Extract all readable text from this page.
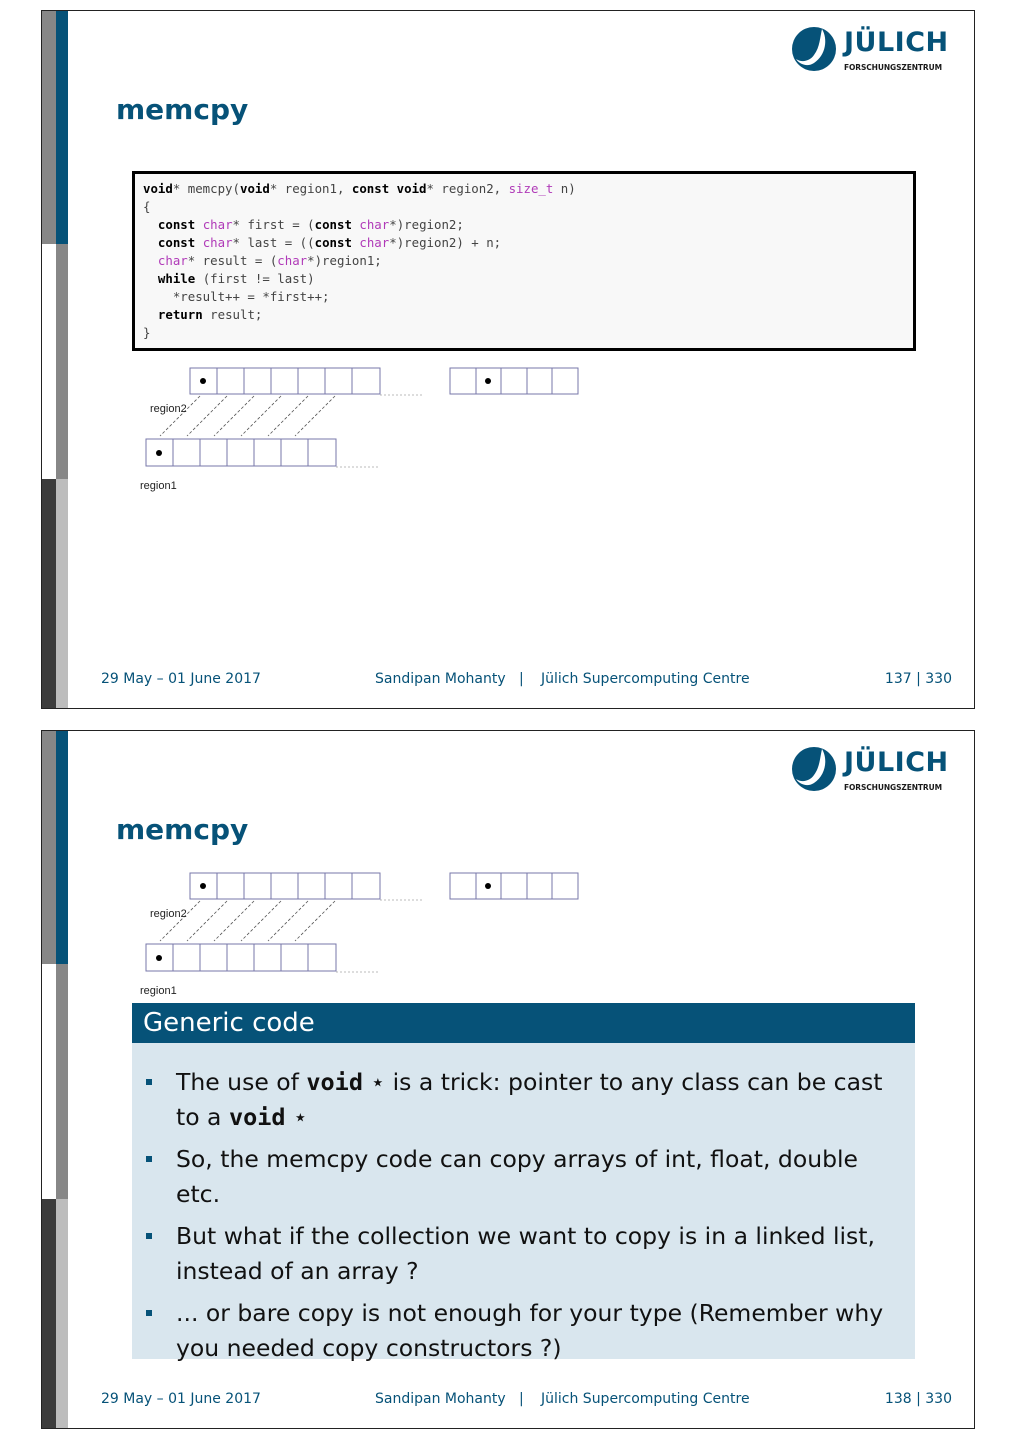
JÜLICH
FORSCHUNGSZENTRUM
memcpy
void* memcpy(void* region1, const void* region2, size_t n)
{
const char* first = (const char*)region2;
const char* last = ((const char*)region2) + n;
char* result = (char*)region1;
while (first != last)
*result++ = *first++;
return result;
}
region2
region1
29 May – 01 June 2017	Sandipan Mohanty | Jülich Supercomputing Centre	137 | 330
JÜLICH
FORSCHUNGSZENTRUM
memcpy
region2
region1
Generic code
The use of void ⋆ is a trick: pointer to any class can be cast to a void ⋆
So, the memcpy code can copy arrays of int, float, double etc.
But what if the collection we want to copy is in a linked list, instead of an array ?
... or bare copy is not enough for your type (Remember why you needed copy constructors ?)
29 May – 01 June 2017	Sandipan Mohanty | Jülich Supercomputing Centre	138 | 330
